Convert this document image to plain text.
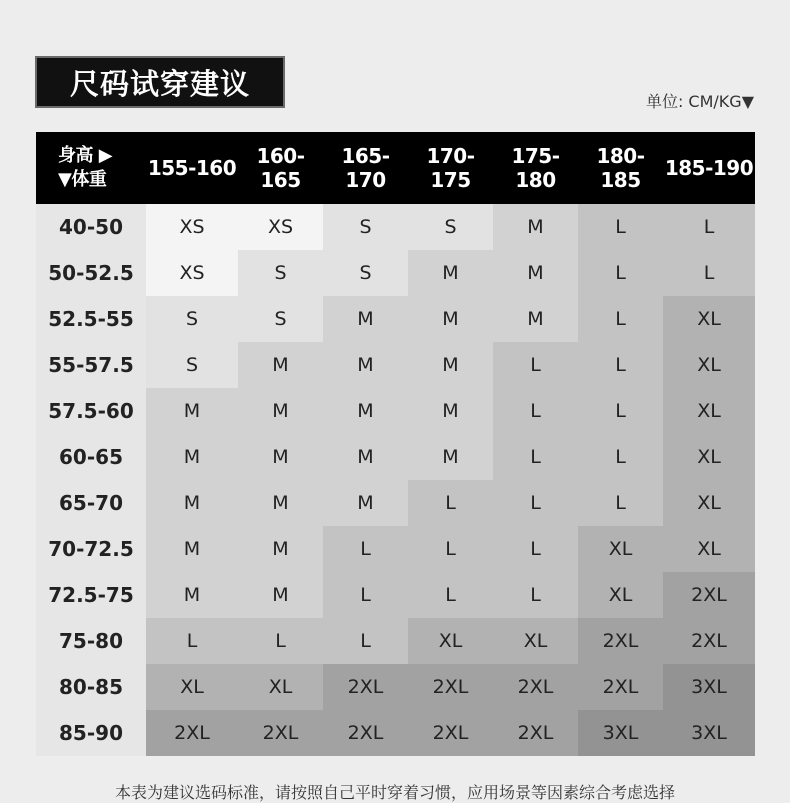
尺码试穿建议
单位: CM/KG▼
身高 ▶
▼体重	155-160	160-165	165-170	170-175	175-180	180-185	185-190
40-50	XS	XS	S	S	M	L	L
50-52.5	XS	S	S	M	M	L	L
52.5-55	S	S	M	M	M	L	XL
55-57.5	S	M	M	M	L	L	XL
57.5-60	M	M	M	M	L	L	XL
60-65	M	M	M	M	L	L	XL
65-70	M	M	M	L	L	L	XL
70-72.5	M	M	L	L	L	XL	XL
72.5-75	M	M	L	L	L	XL	2XL
75-80	L	L	L	XL	XL	2XL	2XL
80-85	XL	XL	2XL	2XL	2XL	2XL	3XL
85-90	2XL	2XL	2XL	2XL	2XL	3XL	3XL
本表为建议选码标准，请按照自己平时穿着习惯，应用场景等因素综合考虑选择
